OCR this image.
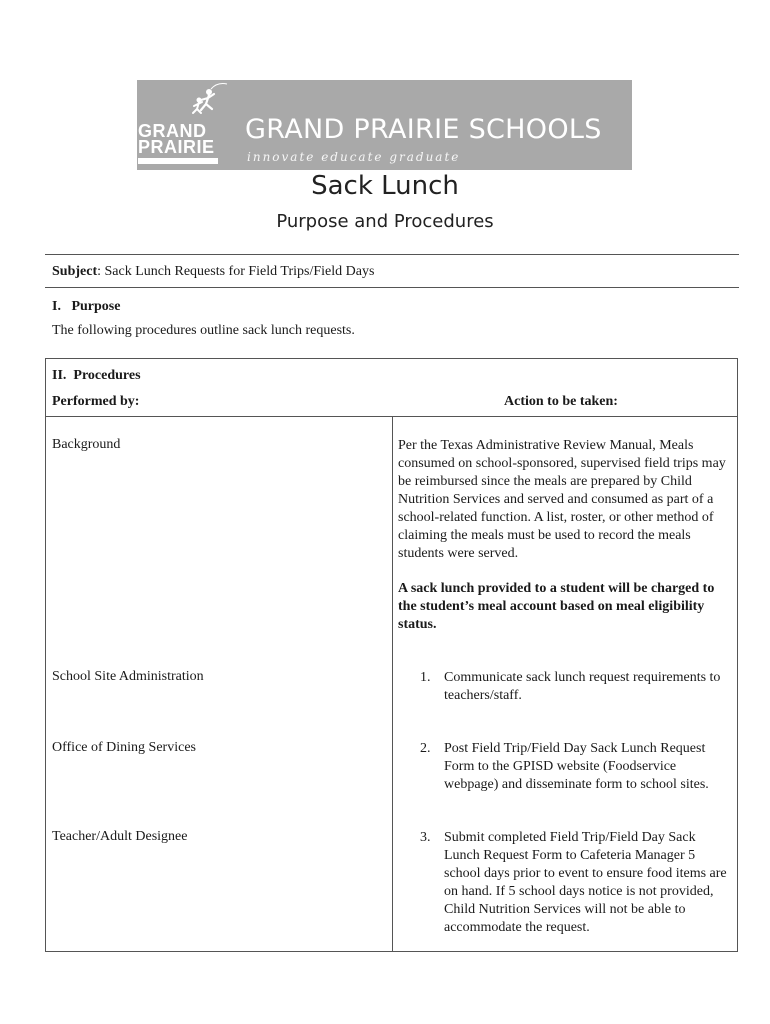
GRAND
PRAIRIE
GRAND PRAIRIE SCHOOLS
innovate educate graduate
Sack Lunch
Purpose and Procedures
Subject: Sack Lunch Requests for Field Trips/Field Days
I.   Purpose
The following procedures outline sack lunch requests.
II.  Procedures
Performed by:	Action to be taken:
Background	Per the Texas Administrative Review Manual, Meals consumed on school-sponsored, supervised field trips may be reimbursed since the meals are prepared by Child Nutrition Services and served and consumed as part of a school-related function. A list, roster, or other method of claiming the meals must be used to record the meals students were served.
A sack lunch provided to a student will be charged to the student’s meal account based on meal eligibility status.
School Site Administration	1. Communicate sack lunch request requirements to teachers/staff.
Office of Dining Services	2. Post Field Trip/Field Day Sack Lunch Request Form to the GPISD website (Foodservice webpage) and disseminate form to school sites.
Teacher/Adult Designee	3. Submit completed Field Trip/Field Day Sack Lunch Request Form to Cafeteria Manager 5 school days prior to event to ensure food items are on hand. If 5 school days notice is not provided, Child Nutrition Services will not be able to accommodate the request.
